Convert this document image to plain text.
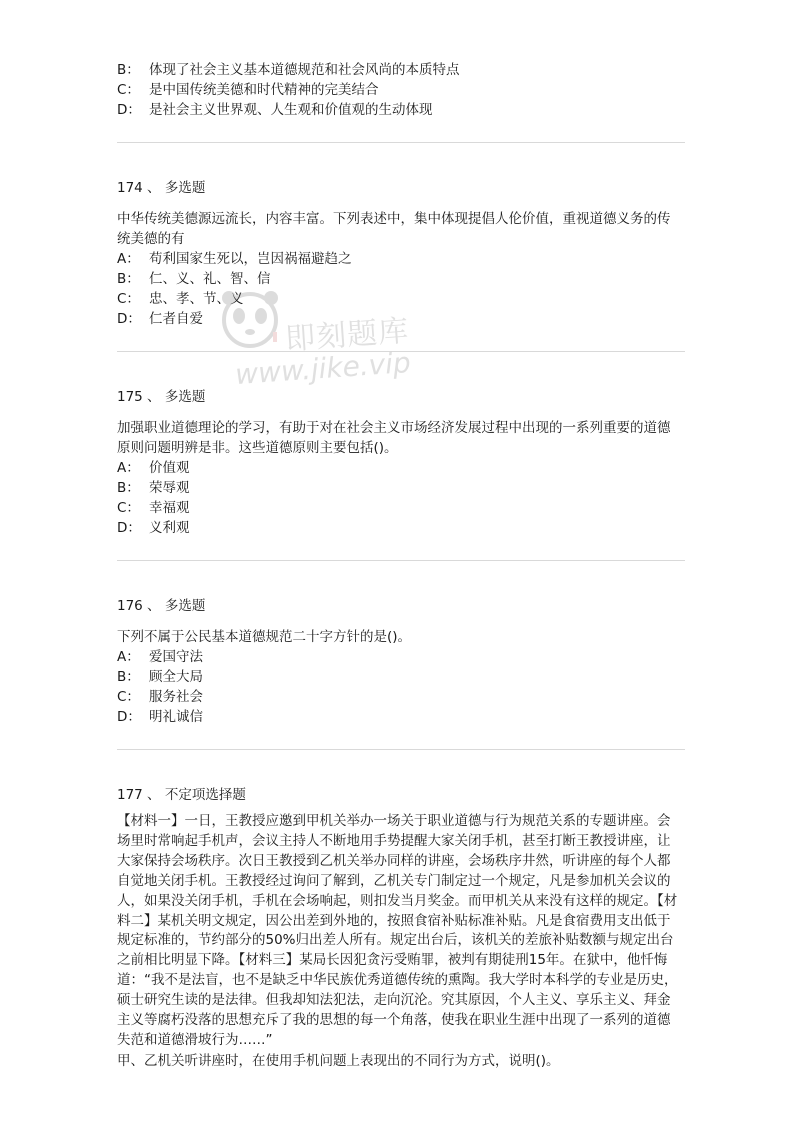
B： 体现了社会主义基本道德规范和社会风尚的本质特点
C： 是中国传统美德和时代精神的完美结合
D： 是社会主义世界观、人生观和价值观的生动体现
174 、 多选题
中华传统美德源远流长，内容丰富。下列表述中，集中体现提倡人伦价值，重视道德义务的传统美德的有
A： 苟利国家生死以，岂因祸福避趋之
B： 仁、义、礼、智、信
C： 忠、孝、节、义
D： 仁者自爱
175 、 多选题
加强职业道德理论的学习，有助于对在社会主义市场经济发展过程中出现的一系列重要的道德原则问题明辨是非。这些道德原则主要包括()。
A： 价值观
B： 荣辱观
C： 幸福观
D： 义利观
176 、 多选题
下列不属于公民基本道德规范二十字方针的是()。
A： 爱国守法
B： 顾全大局
C： 服务社会
D： 明礼诚信
177 、 不定项选择题
【材料一】一日，王教授应邀到甲机关举办一场关于职业道德与行为规范关系的专题讲座。会场里时常响起手机声，会议主持人不断地用手势提醒大家关闭手机，甚至打断王教授讲座，让大家保持会场秩序。次日王教授到乙机关举办同样的讲座，会场秩序井然，听讲座的每个人都自觉地关闭手机。王教授经过询问了解到，乙机关专门制定过一个规定，凡是参加机关会议的人，如果没关闭手机，手机在会场响起，则扣发当月奖金。而甲机关从来没有这样的规定。【材料二】某机关明文规定，因公出差到外地的，按照食宿补贴标准补贴。凡是食宿费用支出低于规定标准的，节约部分的50%归出差人所有。规定出台后，该机关的差旅补贴数额与规定出台之前相比明显下降。【材料三】某局长因犯贪污受贿罪，被判有期徒刑15年。在狱中，他忏悔道：“我不是法盲，也不是缺乏中华民族优秀道德传统的熏陶。我大学时本科学的专业是历史，硕士研究生读的是法律。但我却知法犯法，走向沉沦。究其原因，个人主义、享乐主义、拜金主义等腐朽没落的思想充斥了我的思想的每一个角落，使我在职业生涯中出现了一系列的道德失范和道德滑坡行为……”
甲、乙机关听讲座时，在使用手机问题上表现出的不同行为方式，说明()。
即刻题库
www.jike.vip
